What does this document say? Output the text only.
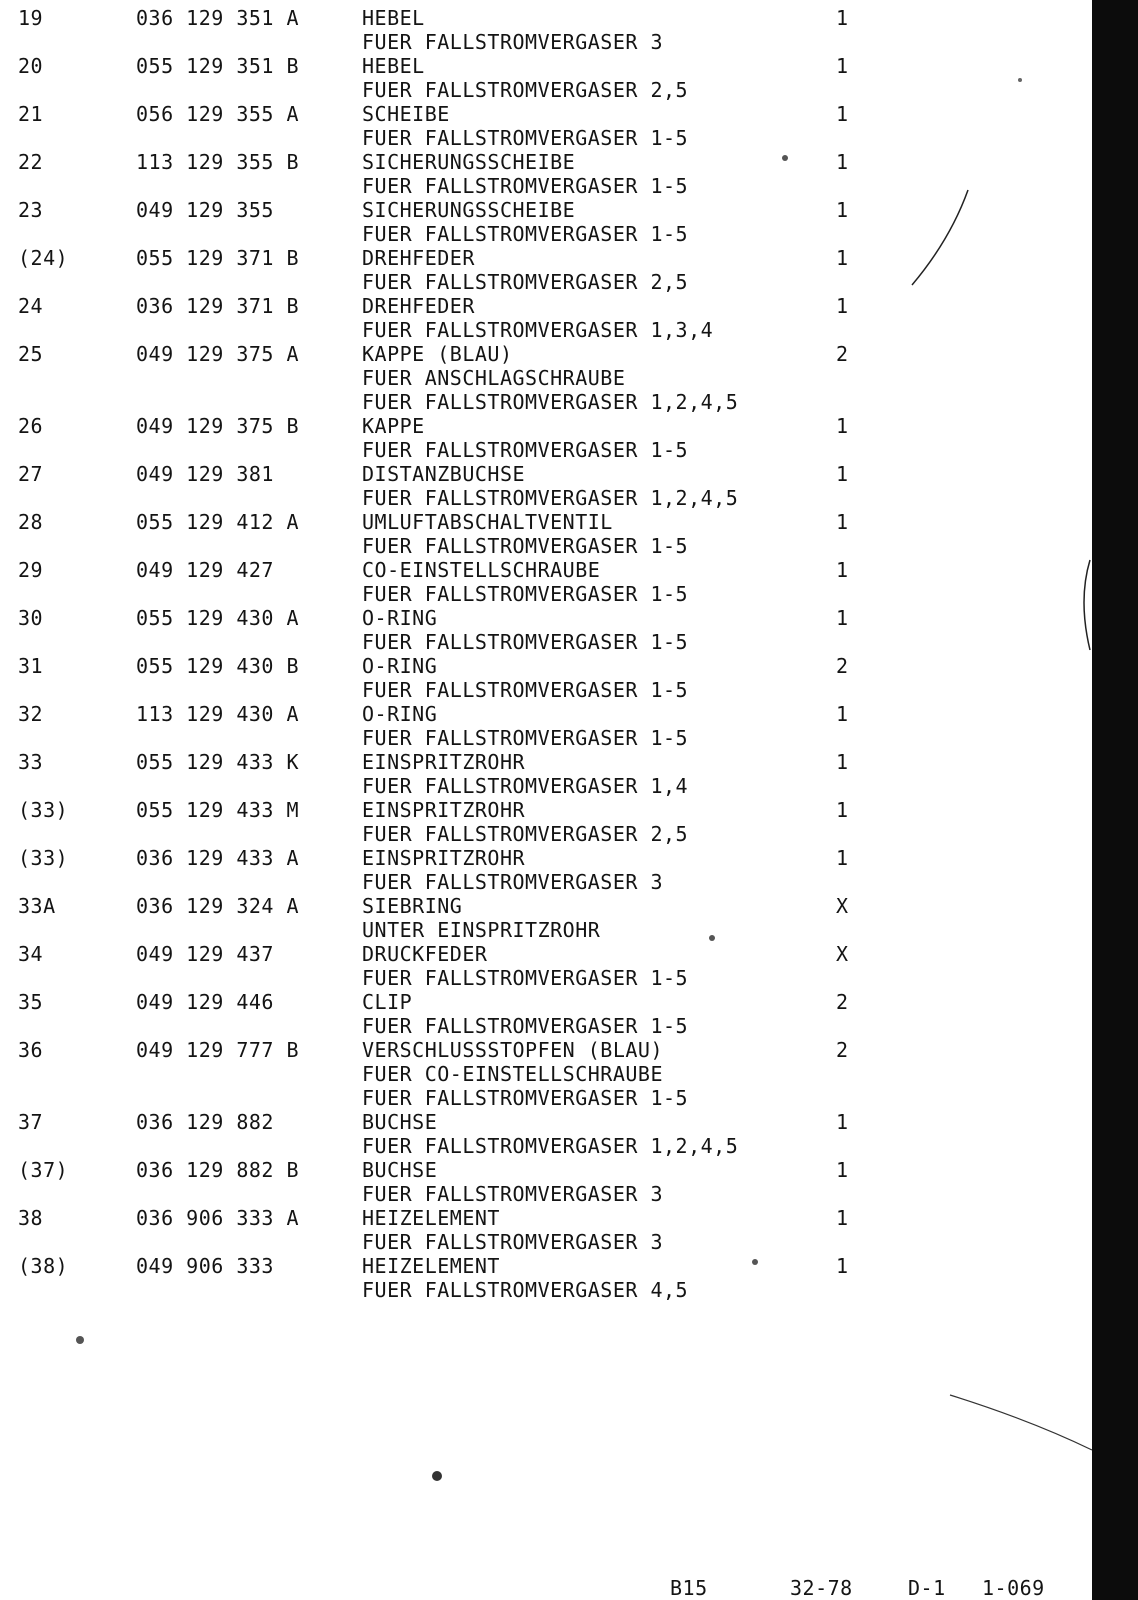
19	036 129 351 A	HEBEL	1
FUER FALLSTROMVERGASER 3
20	055 129 351 B	HEBEL	1
FUER FALLSTROMVERGASER 2,5
21	056 129 355 A	SCHEIBE	1
FUER FALLSTROMVERGASER 1-5
22	113 129 355 B	SICHERUNGSSCHEIBE	1
FUER FALLSTROMVERGASER 1-5
23	049 129 355	SICHERUNGSSCHEIBE	1
FUER FALLSTROMVERGASER 1-5
(24)	055 129 371 B	DREHFEDER	1
FUER FALLSTROMVERGASER 2,5
24	036 129 371 B	DREHFEDER	1
FUER FALLSTROMVERGASER 1,3,4
25	049 129 375 A	KAPPE (BLAU)	2
FUER ANSCHLAGSCHRAUBE
FUER FALLSTROMVERGASER 1,2,4,5
26	049 129 375 B	KAPPE	1
FUER FALLSTROMVERGASER 1-5
27	049 129 381	DISTANZBUCHSE	1
FUER FALLSTROMVERGASER 1,2,4,5
28	055 129 412 A	UMLUFTABSCHALTVENTIL	1
FUER FALLSTROMVERGASER 1-5
29	049 129 427	CO-EINSTELLSCHRAUBE	1
FUER FALLSTROMVERGASER 1-5
30	055 129 430 A	O-RING	1
FUER FALLSTROMVERGASER 1-5
31	055 129 430 B	O-RING	2
FUER FALLSTROMVERGASER 1-5
32	113 129 430 A	O-RING	1
FUER FALLSTROMVERGASER 1-5
33	055 129 433 K	EINSPRITZROHR	1
FUER FALLSTROMVERGASER 1,4
(33)	055 129 433 M	EINSPRITZROHR	1
FUER FALLSTROMVERGASER 2,5
(33)	036 129 433 A	EINSPRITZROHR	1
FUER FALLSTROMVERGASER 3
33A	036 129 324 A	SIEBRING	X
UNTER EINSPRITZROHR
34	049 129 437	DRUCKFEDER	X
FUER FALLSTROMVERGASER 1-5
35	049 129 446	CLIP	2
FUER FALLSTROMVERGASER 1-5
36	049 129 777 B	VERSCHLUSSSTOPFEN (BLAU)	2
FUER CO-EINSTELLSCHRAUBE
FUER FALLSTROMVERGASER 1-5
37	036 129 882	BUCHSE	1
FUER FALLSTROMVERGASER 1,2,4,5
(37)	036 129 882 B	BUCHSE	1
FUER FALLSTROMVERGASER 3
38	036 906 333 A	HEIZELEMENT	1
FUER FALLSTROMVERGASER 3
(38)	049 906 333	HEIZELEMENT	1
FUER FALLSTROMVERGASER 4,5
B15	32-78	D-1 1-069
